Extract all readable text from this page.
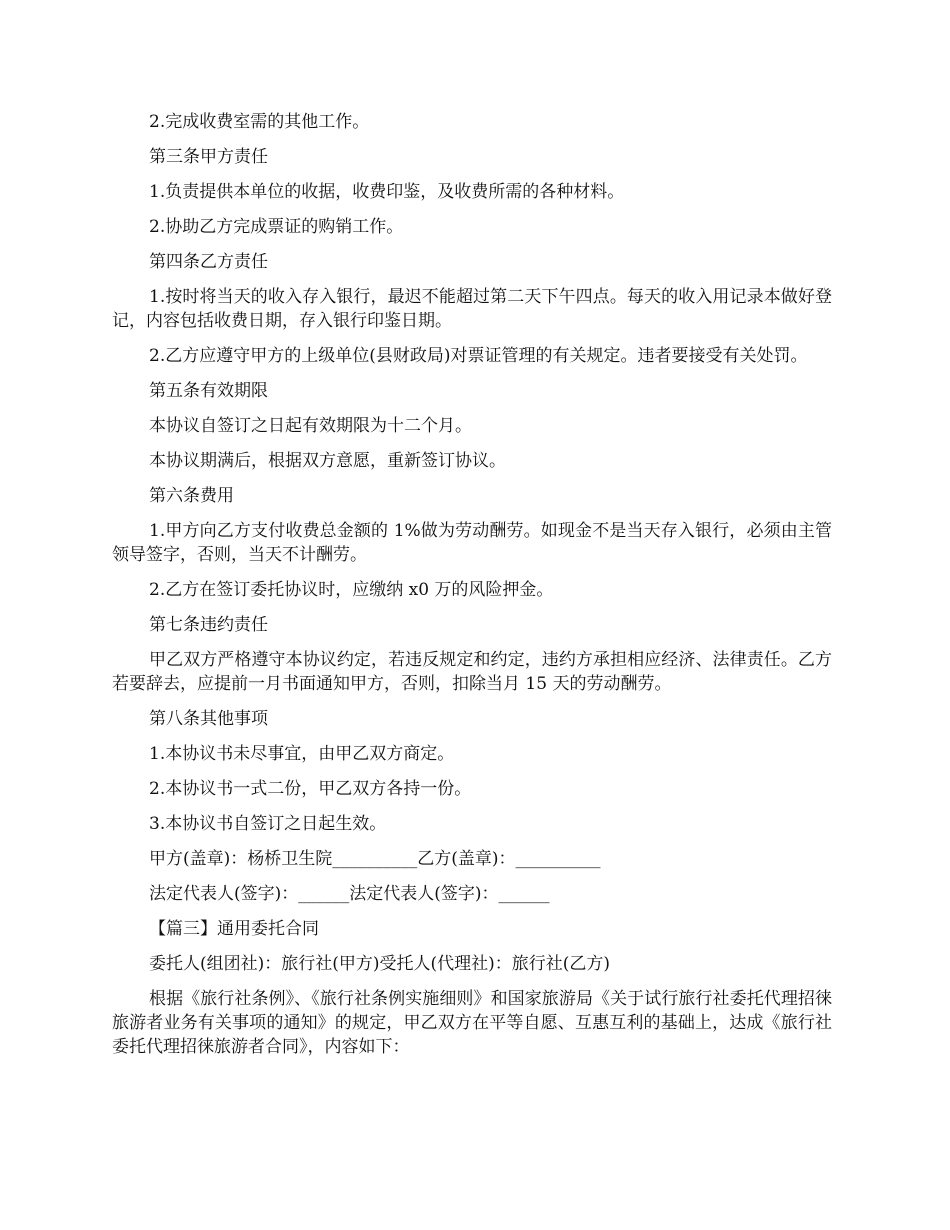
2.完成收费室需的其他工作。

第三条甲方责任

1.负责提供本单位的收据，收费印鉴，及收费所需的各种材料。

2.协助乙方完成票证的购销工作。

第四条乙方责任

1.按时将当天的收入存入银行，最迟不能超过第二天下午四点。每天的收入用记录本做好登记，内容包括收费日期，存入银行印鉴日期。

2.乙方应遵守甲方的上级单位(县财政局)对票证管理的有关规定。违者要接受有关处罚。

第五条有效期限

本协议自签订之日起有效期限为十二个月。

本协议期满后，根据双方意愿，重新签订协议。

第六条费用

1.甲方向乙方支付收费总金额的 1%做为劳动酬劳。如现金不是当天存入银行，必须由主管领导签字，否则，当天不计酬劳。

2.乙方在签订委托协议时，应缴纳 x0 万的风险押金。

第七条违约责任

甲乙双方严格遵守本协议约定，若违反规定和约定，违约方承担相应经济、法律责任。乙方若要辞去，应提前一月书面通知甲方，否则，扣除当月 15 天的劳动酬劳。

第八条其他事项

1.本协议书未尽事宜，由甲乙双方商定。

2.本协议书一式二份，甲乙双方各持一份。

3.本协议书自签订之日起生效。

甲方(盖章)：杨桥卫生院__________乙方(盖章)：__________

法定代表人(签字)：______法定代表人(签字)：______

【篇三】通用委托合同

委托人(组团社)：旅行社(甲方)受托人(代理社)：旅行社(乙方)

根据《旅行社条例》、《旅行社条例实施细则》和国家旅游局《关于试行旅行社委托代理招徕旅游者业务有关事项的通知》的规定，甲乙双方在平等自愿、互惠互利的基础上，达成《旅行社委托代理招徕旅游者合同》，内容如下：
